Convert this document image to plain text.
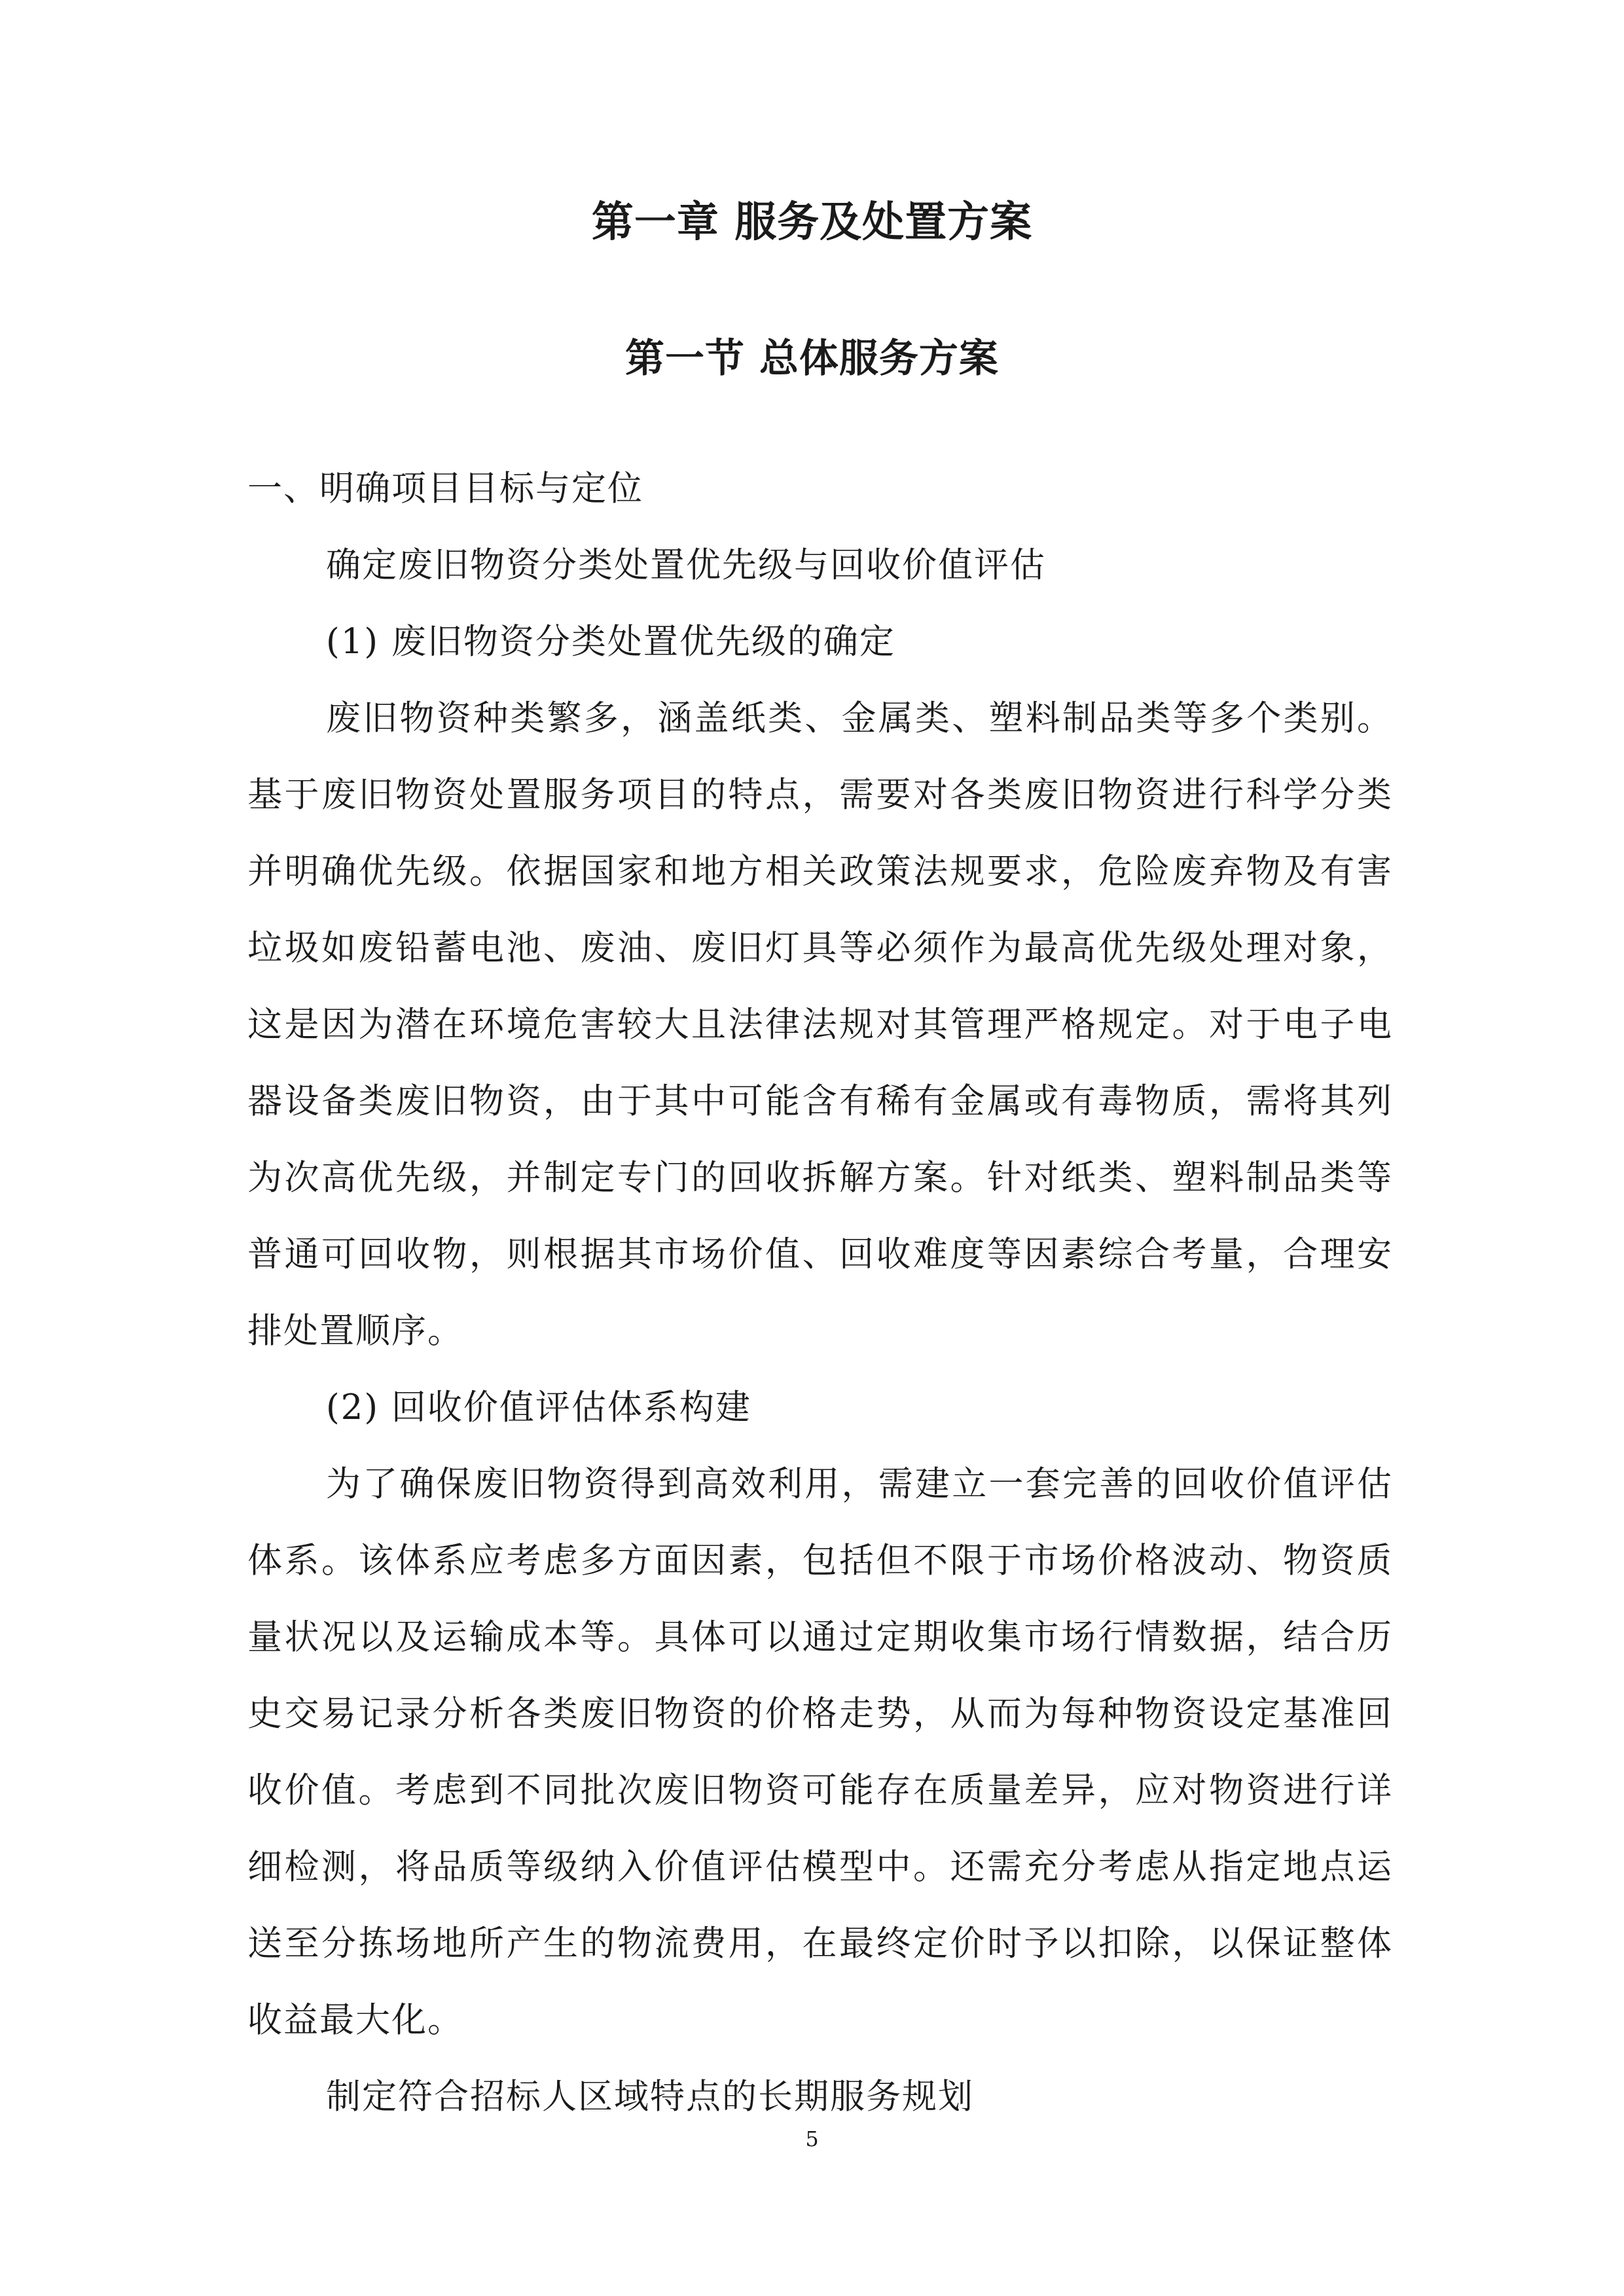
第一章 服务及处置方案
第一节 总体服务方案

一、明确项目目标与定位

确定废旧物资分类处置优先级与回收价值评估

(1) 废旧物资分类处置优先级的确定

废旧物资种类繁多，涵盖纸类、金属类、塑料制品类等多个类别。基于废旧物资处置服务项目的特点，需要对各类废旧物资进行科学分类并明确优先级。依据国家和地方相关政策法规要求，危险废弃物及有害垃圾如废铅蓄电池、废油、废旧灯具等必须作为最高优先级处理对象，这是因为潜在环境危害较大且法律法规对其管理严格规定。对于电子电器设备类废旧物资，由于其中可能含有稀有金属或有毒物质，需将其列为次高优先级，并制定专门的回收拆解方案。针对纸类、塑料制品类等普通可回收物，则根据其市场价值、回收难度等因素综合考量，合理安排处置顺序。

(2) 回收价值评估体系构建

为了确保废旧物资得到高效利用，需建立一套完善的回收价值评估体系。该体系应考虑多方面因素，包括但不限于市场价格波动、物资质量状况以及运输成本等。具体可以通过定期收集市场行情数据，结合历史交易记录分析各类废旧物资的价格走势，从而为每种物资设定基准回收价值。考虑到不同批次废旧物资可能存在质量差异，应对物资进行详细检测，将品质等级纳入价值评估模型中。还需充分考虑从指定地点运送至分拣场地所产生的物流费用，在最终定价时予以扣除，以保证整体收益最大化。

制定符合招标人区域特点的长期服务规划

5
